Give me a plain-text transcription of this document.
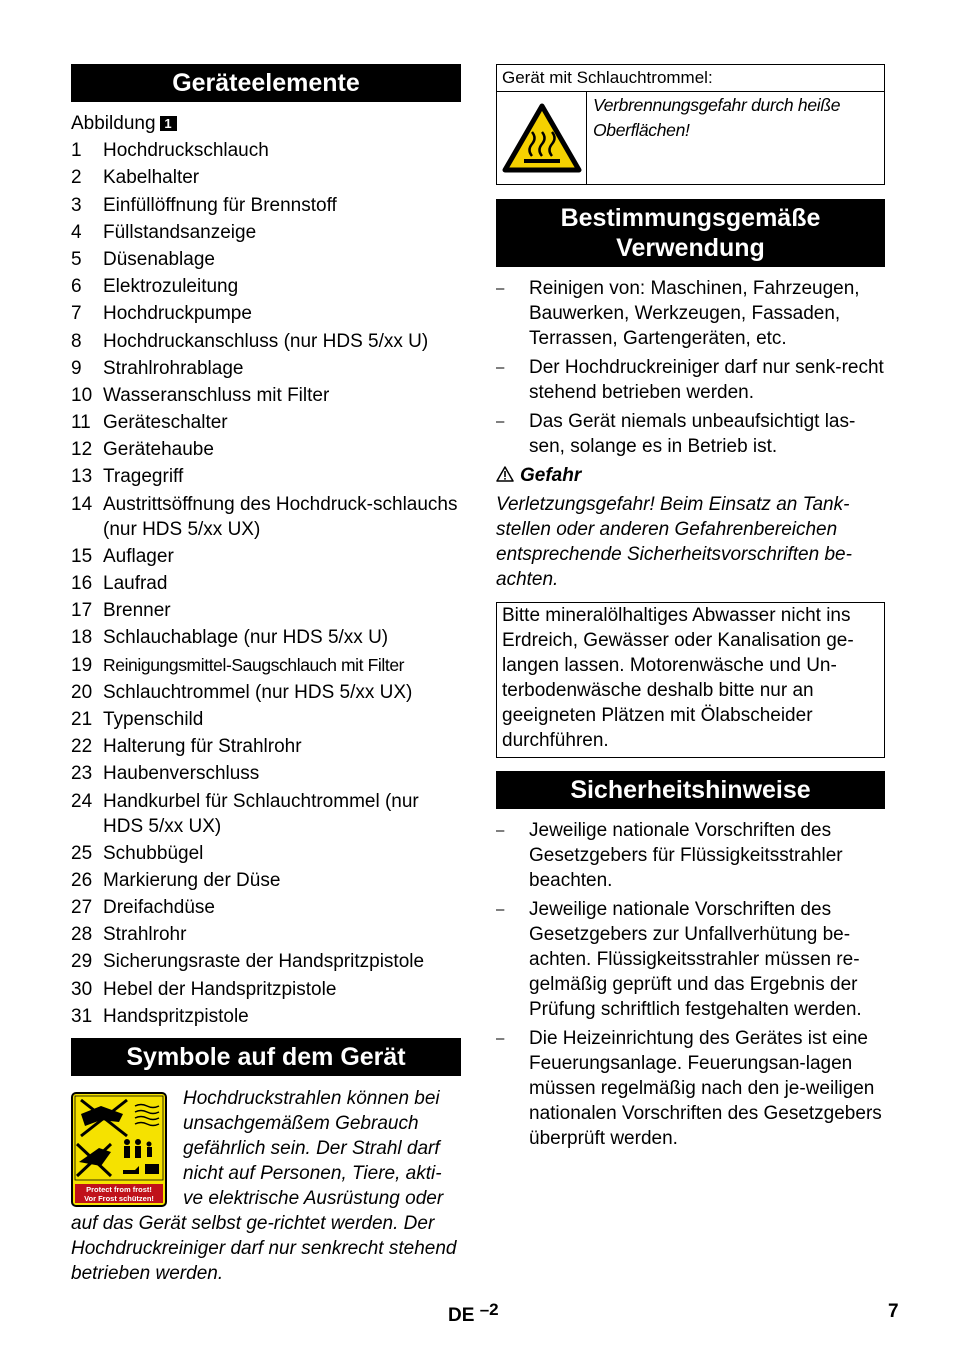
Geräteelemente
Abbildung 1
1	Hochdruckschlauch
2	Kabelhalter
3	Einfüllöffnung für Brennstoff
4	Füllstandsanzeige
5	Düsenablage
6	Elektrozuleitung
7	Hochdruckpumpe
8	Hochdruckanschluss (nur HDS 5/xx U)
9	Strahlrohrablage
10 Wasseranschluss mit Filter
11 Geräteschalter
12 Gerätehaube
13 Tragegriff
14 Austrittsöffnung des Hochdruck-schlauchs (nur HDS 5/xx UX)
15 Auflager
16 Laufrad
17 Brenner
18 Schlauchablage (nur HDS 5/xx U)
19 Reinigungsmittel-Saugschlauch mit Filter
20 Schlauchtrommel (nur HDS 5/xx UX)
21 Typenschild
22 Halterung für Strahlrohr
23 Haubenverschluss
24 Handkurbel für Schlauchtrommel (nur HDS 5/xx UX)
25 Schubbügel
26 Markierung der Düse
27 Dreifachdüse
28 Strahlrohr
29 Sicherungsraste der Handspritzpistole
30 Hebel der Handspritzpistole
31 Handspritzpistole
Symbole auf dem Gerät
Protect from frost!
Vor Frost schützen!

Hochdruckstrahlen können bei unsachgemäßem Gebrauch gefährlich sein. Der Strahl darf nicht auf Personen, Tiere, akti-ve elektrische Ausrüstung oder auf das Gerät selbst ge-richtet werden. Der Hochdruckreiniger darf nur senkrecht stehend betrieben werden.

Gerät mit Schlauchtrommel:
Verbrennungsgefahr durch heiße Oberflächen!
Bestimmungsgemäße Verwendung
–	Reinigen von: Maschinen, Fahrzeugen, Bauwerken, Werkzeugen, Fassaden, Terrassen, Gartengeräten, etc.
–	Der Hochdruckreiniger darf nur senk-recht stehend betrieben werden.
–	Das Gerät niemals unbeaufsichtigt las-sen, solange es in Betrieb ist.
Gefahr

Verletzungsgefahr! Beim Einsatz an Tank-stellen oder anderen Gefahrenbereichen entsprechende Sicherheitsvorschriften be-achten.

Bitte mineralölhaltiges Abwasser nicht ins Erdreich, Gewässer oder Kanalisation ge-langen lassen. Motorenwäsche und Un-terbodenwäsche deshalb bitte nur an geeigneten Plätzen mit Ölabscheider durchführen.
Sicherheitshinweise
–	Jeweilige nationale Vorschriften des Gesetzgebers für Flüssigkeitsstrahler beachten.
–	Jeweilige nationale Vorschriften des Gesetzgebers zur Unfallverhütung be-achten. Flüssigkeitsstrahler müssen re-gelmäßig geprüft und das Ergebnis der Prüfung schriftlich festgehalten werden.
–	Die Heizeinrichtung des Gerätes ist eine Feuerungsanlage. Feuerungsan-lagen müssen regelmäßig nach den je-weiligen nationalen Vorschriften des Gesetzgebers überprüft werden.
DE –2	7
